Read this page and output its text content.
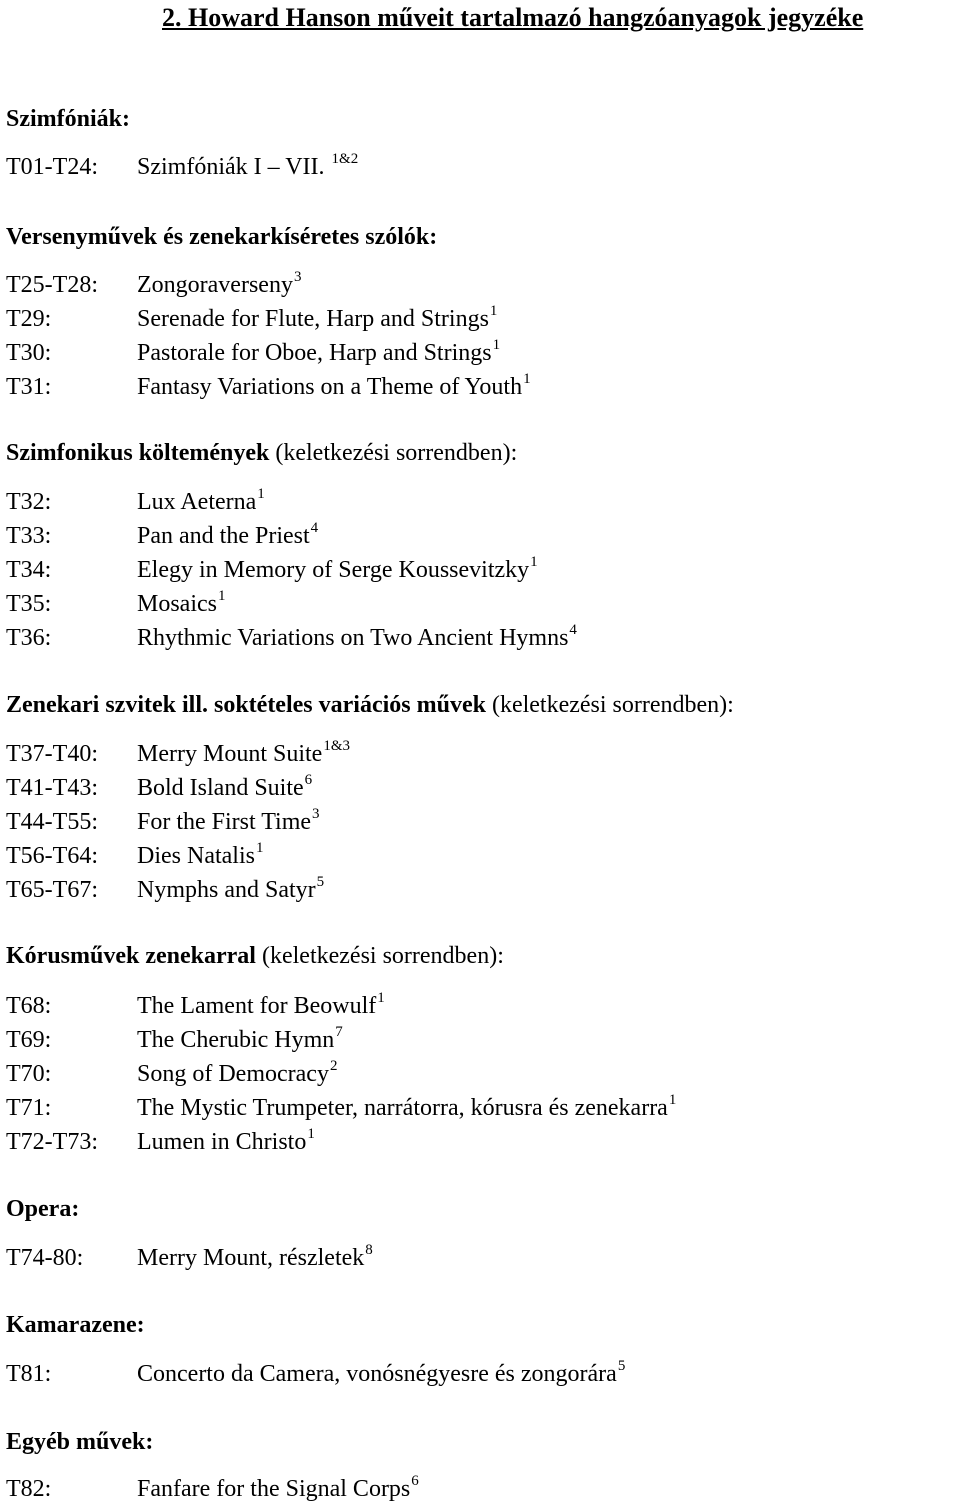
2. Howard Hanson műveit tartalmazó hangzóanyagok jegyzéke
Szimfóniák:
T01-T24: Szimfóniák I – VII. $^{1\&2}$
Versenyművek és zenekarkíséretes szólók:
T25-T28: Zongoraverseny$^3$
T29:	Serenade for Flute, Harp and Strings$^1$
T30:	Pastorale for Oboe, Harp and Strings$^1$
T31:	Fantasy Variations on a Theme of Youth$^1$
Szimfonikus költemények (keletkezési sorrendben):
T32:	Lux Aeterna$^1$
T33:	Pan and the Priest$^4$
T34:	Elegy in Memory of Serge Koussevitzky$^1$
T35:	Mosaics$^1$
T36:	Rhythmic Variations on Two Ancient Hymns$^4$
Zenekari szvitek ill. soktételes variációs művek (keletkezési sorrendben):
T37-T40: Merry Mount Suite$^{1\&3}$
T41-T43: Bold Island Suite$^6$
T44-T55: For the First Time$^3$
T56-T64: Dies Natalis$^1$
T65-T67: Nymphs and Satyr$^5$
Kórusművek zenekarral (keletkezési sorrendben):
T68:	The Lament for Beowulf$^1$
T69:	The Cherubic Hymn$^7$
T70:	Song of Democracy$^2$
T71:	The Mystic Trumpeter, narrátorra, kórusra és zenekarra$^1$
T72-T73: Lumen in Christo$^1$
Opera:
T74-80: Merry Mount, részletek$^8$
Kamarazene:
T81:	Concerto da Camera, vonósnégyesre és zongorára$^5$
Egyéb művek:
T82:	Fanfare for the Signal Corps$^6$
